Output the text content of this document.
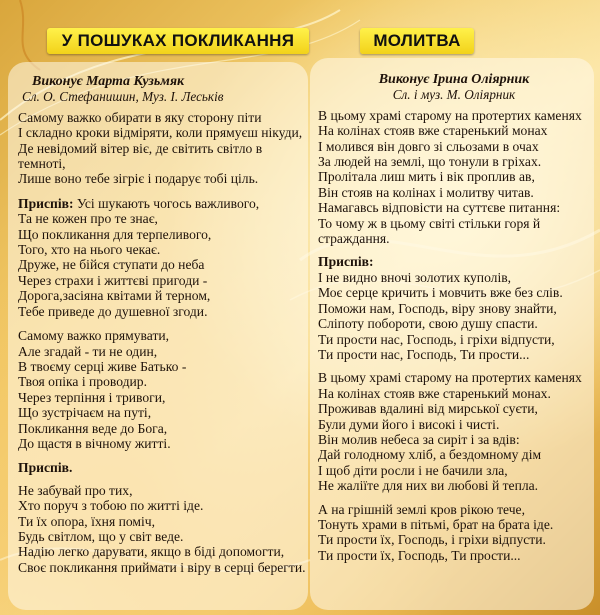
У ПОШУКАХ ПОКЛИКАННЯ	МОЛИТВА
Виконує Марта Кузьмяк
Сл. О. Стефанишин, Муз. І. Леськів
Самому важко обирати в яку сторону піти
І складно кроки відміряти, коли прямуєш нікуди,
Де невідомий вітер віє, де світить світло в темноті,
Лише воно тебе зігріє і подарує тобі ціль.
Приспів: Усі шукають чогось важливого,
Та не кожен про те знає,
Що покликання для терпеливого,
Того, хто на нього чекає.
Друже, не бійся ступати до неба
Через страхи і життєві пригоди -
Дорога,засіяна квітами й терном,
Тебе приведе до душевної згоди.
Самому важко прямувати,
Але згадай - ти не один,
В твоєму серці живе Батько -
Твоя опіка і проводир.
Через терпіння і тривоги,
Що зустрічаєм на путі,
Покликання веде до Бога,
До щастя в вічному житті.
Приспів.
Не забувай про тих,
Хто поруч з тобою по житті іде.
Ти їх опора, їхня поміч,
Будь світлом, що у світ веде.
Надію легко дарувати, якщо в біді допомогти,
Своє покликання приймати і віру в серці берегти.
Виконує Ірина Оліярник
Сл. і муз. М. Оліярник
В цьому храмі старому на протертих каменях
На колінах стояв вже старенький монах
І молився він довго зі сльозами в очах
За людей на землі, що тонули в гріхах.
Пролітала лиш мить і вік проплив ав,
Він стояв на колінах і молитву читав.
Намагавсь відповісти на суттєве питання:
То чому ж в цьому світі стільки горя й страждання.
Приспів:
І не видно вночі золотих куполів,
Моє серце кричить і мовчить вже без слів.
Поможи нам, Господь, віру знову знайти,
Сліпоту побороти, свою душу спасти.
Ти прости нас, Господь, і гріхи відпусти,
Ти прости нас, Господь, Ти прости...
В цьому храмі старому на протертих каменях
На колінах стояв вже старенький монах.
Проживав вдалині від мирської суєти,
Були думи його і високі і чисті.
Він молив небеса за сиріт і за вдів:
Дай голодному хліб, а бездомному дім
І щоб діти росли і не бачили зла,
Не жаліїте для них ви любові й тепла.
А на грішній землі кров рікою тече,
Тонуть храми в пітьмі, брат на брата іде.
Ти прости їх, Господь, і гріхи відпусти.
Ти прости їх, Господь, Ти прости...
